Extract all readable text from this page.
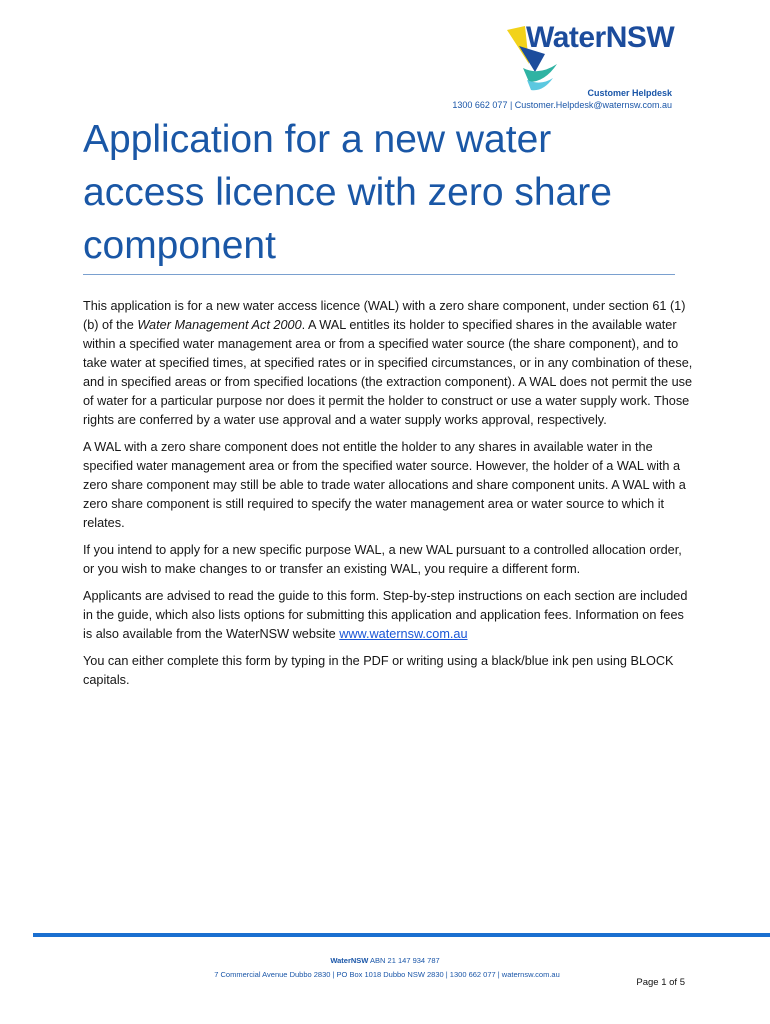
WaterNSW
Customer Helpdesk
1300 662 077 | Customer.Helpdesk@waternsw.com.au
Application for a new water access licence with zero share component

This application is for a new water access licence (WAL) with a zero share component, under section 61 (1) (b) of the Water Management Act 2000. A WAL entitles its holder to specified shares in the available water within a specified water management area or from a specified water source (the share component), and to take water at specified times, at specified rates or in specified circumstances, or in any combination of these, and in specified areas or from specified locations (the extraction component). A WAL does not permit the use of water for a particular purpose nor does it permit the holder to construct or use a water supply work. Those rights are conferred by a water use approval and a water supply works approval, respectively.

A WAL with a zero share component does not entitle the holder to any shares in available water in the specified water management area or from the specified water source. However, the holder of a WAL with a zero share component may still be able to trade water allocations and share component units. A WAL with a zero share component is still required to specify the water management area or water source to which it relates.

If you intend to apply for a new specific purpose WAL, a new WAL pursuant to a controlled allocation order, or you wish to make changes to or transfer an existing WAL, you require a different form.

Applicants are advised to read the guide to this form. Step-by-step instructions on each section are included in the guide, which also lists options for submitting this application and application fees. Information on fees is also available from the WaterNSW website www.waternsw.com.au

You can either complete this form by typing in the PDF or writing using a black/blue ink pen using BLOCK capitals.

WaterNSW ABN 21 147 934 787
7 Commercial Avenue Dubbo 2830 | PO Box 1018 Dubbo NSW 2830 | 1300 662 077 | waternsw.com.au
Page 1 of 5
